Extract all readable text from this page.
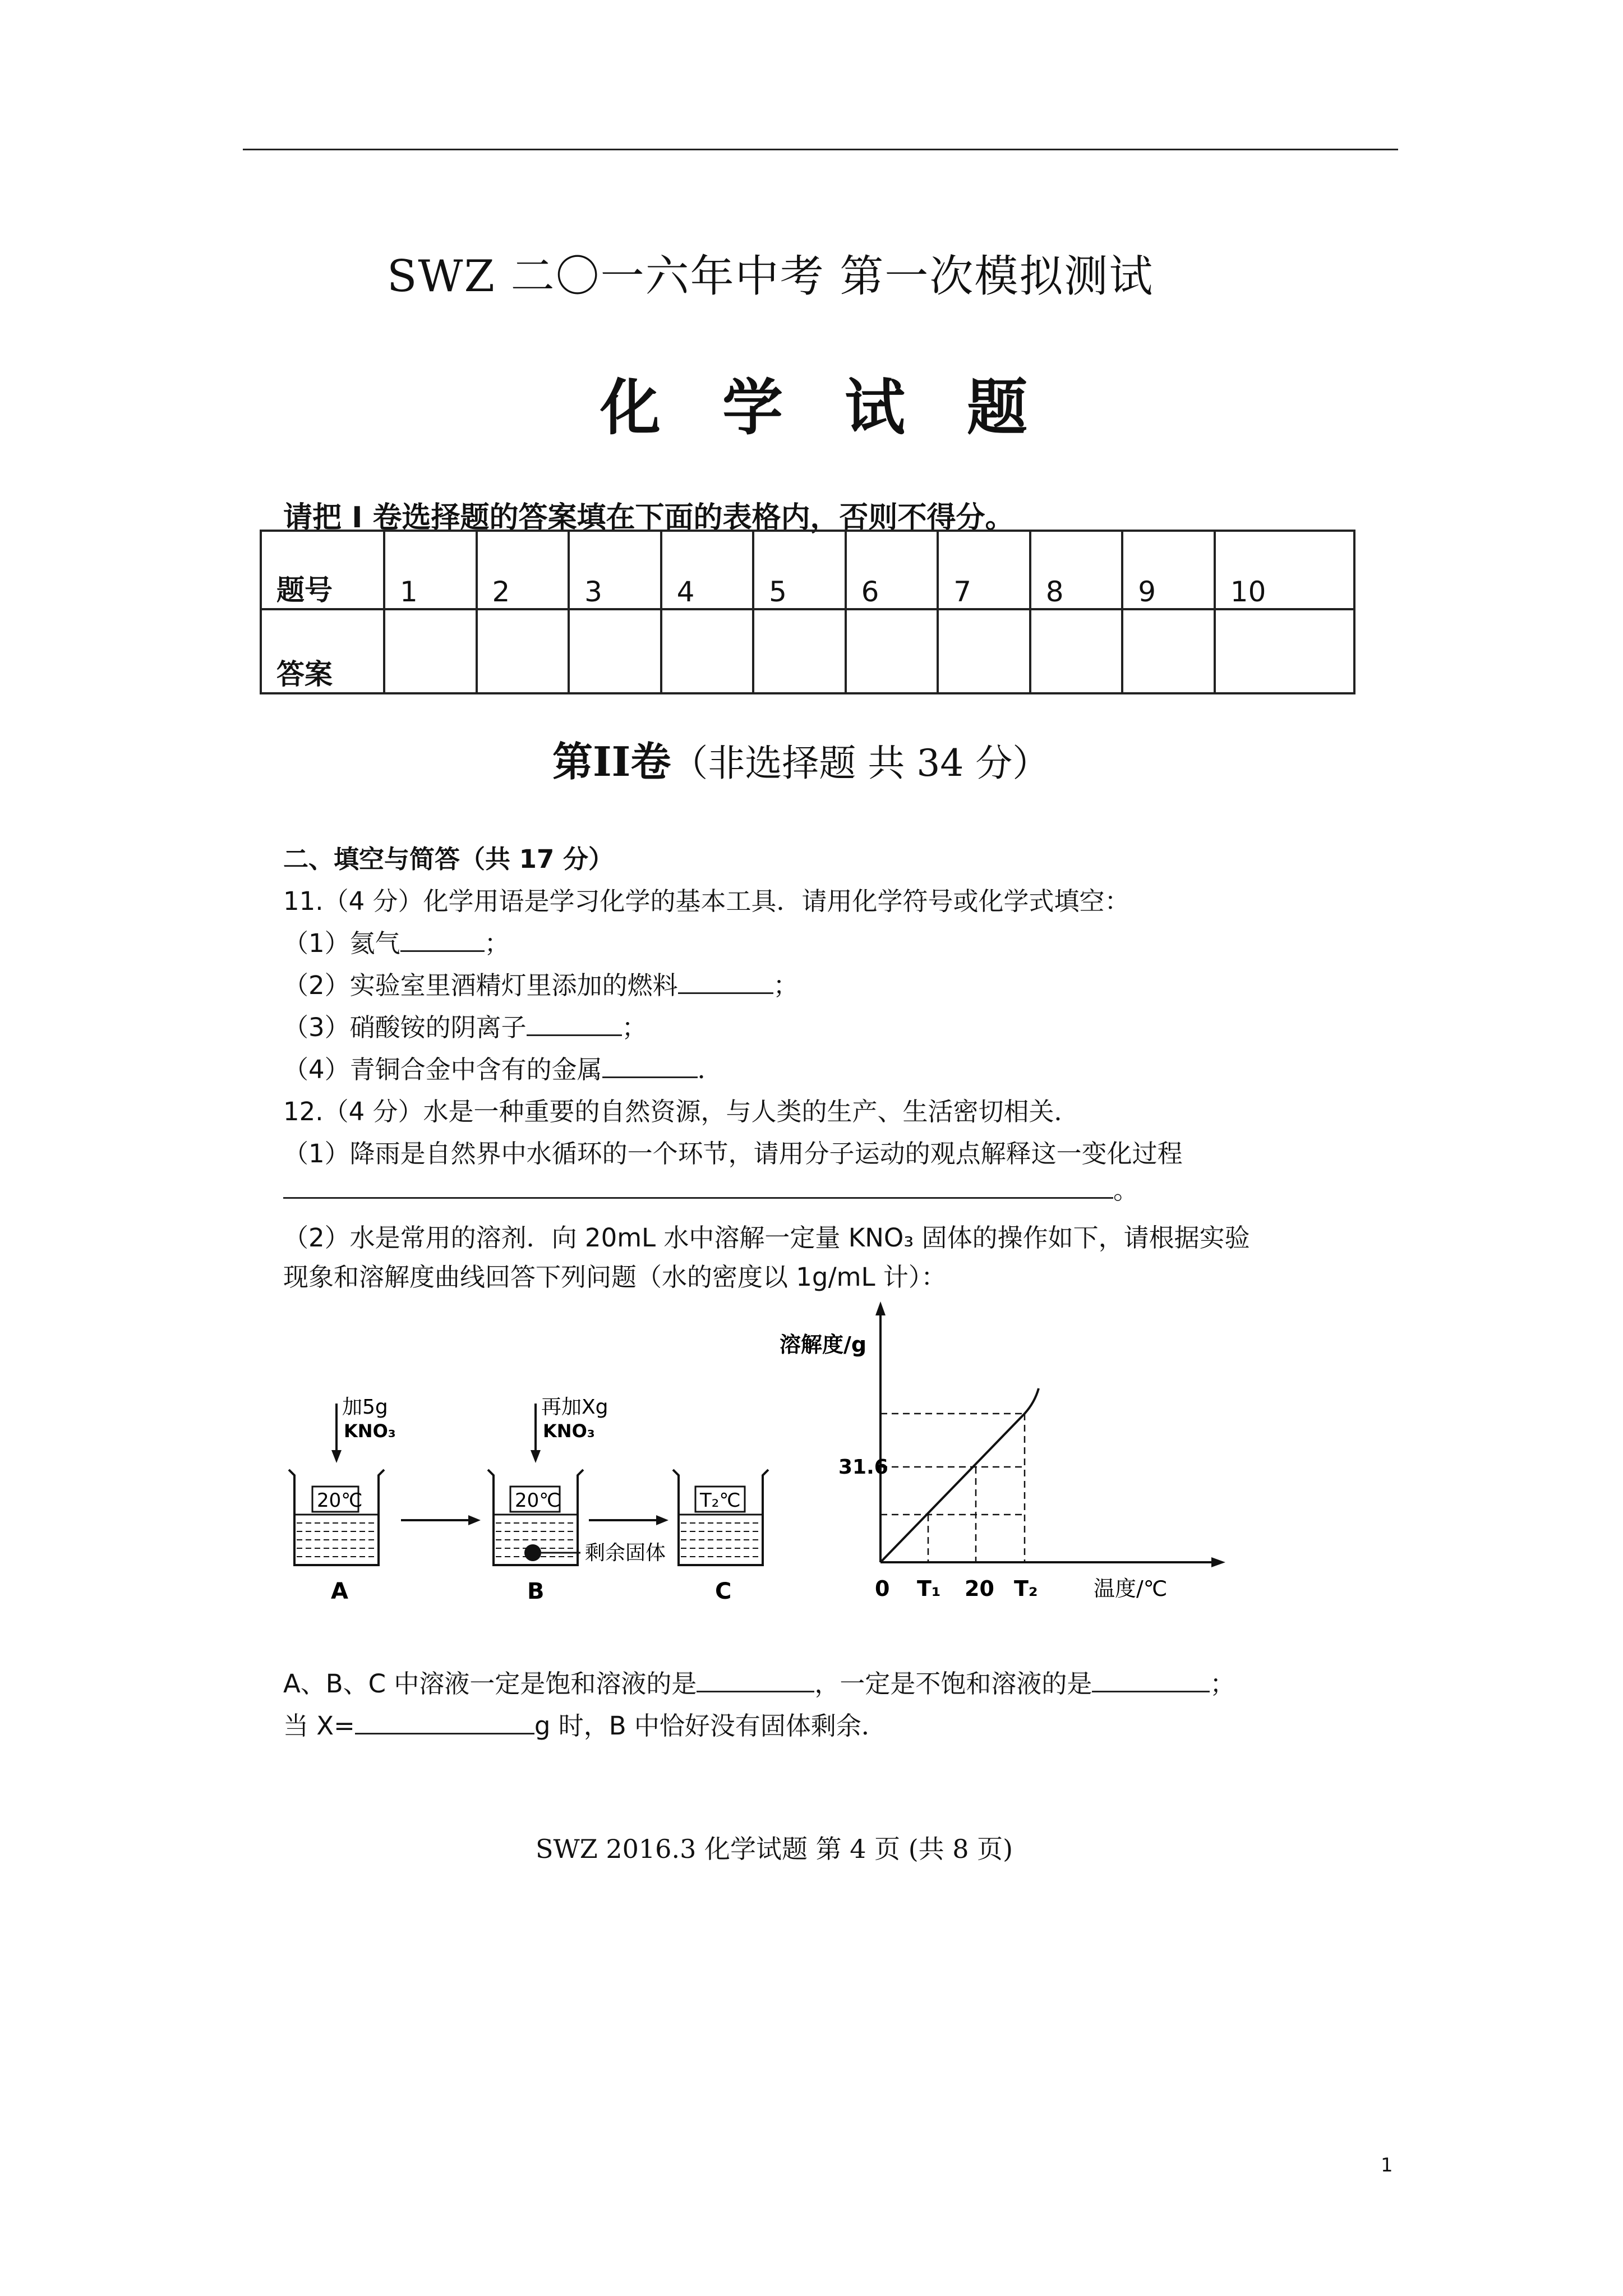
SWZ 二〇一六年中考 第一次模拟测试
化学试题
请把 I 卷选择题的答案填在下面的表格内，否则不得分。
题号	1	2	3	4	5	6	7	8	9	10
答案										
第II卷（非选择题 共 34 分）
二、填空与简答（共 17 分）
11.（4 分）化学用语是学习化学的基本工具．请用化学符号或化学式填空：
（1）氦气	；
（2）实验室里酒精灯里添加的燃料	；
（3）硝酸铵的阴离子	；
（4）青铜合金中含有的金属	．
12.（4 分）水是一种重要的自然资源，与人类的生产、生活密切相关．
（1）降雨是自然界中水循环的一个环节，请用分子运动的观点解释这一变化过程
。
（2）水是常用的溶剂．向 20mL 水中溶解一定量 KNO₃ 固体的操作如下，请根据实验
现象和溶解度曲线回答下列问题（水的密度以 1g/mL 计）：
加5g
KNO₃
再加Xg
KNO₃
20℃	20℃
剩余固体
T₂℃
A	B	C
溶解度/g
31.6
0 T₁ 20 T₂	温度/℃
A、B、C 中溶液一定是饱和溶液的是	，一定是不饱和溶液的是	；
当 X=	g 时，B 中恰好没有固体剩余．
SWZ 2016.3 化学试题 第 4 页 (共 8 页)
1
